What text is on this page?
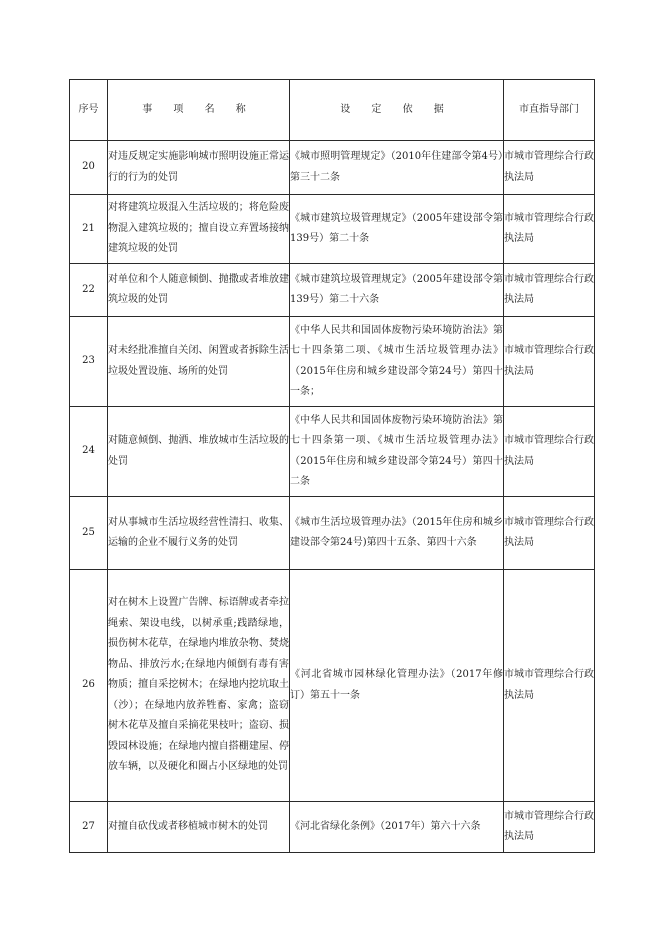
序号	事 项 名 称	设 定 依 据	市直指导部门
20	对违反规定实施影响城市照明设施正常运行的行为的处罚	《城市照明管理规定》（2010年住建部令第4号）第三十二条	市城市管理综合行政执法局
21	对将建筑垃圾混入生活垃圾的；将危险废物混入建筑垃圾的；擅自设立弃置场接纳建筑垃圾的处罚	《城市建筑垃圾管理规定》（2005年建设部令第139号）第二十条	市城市管理综合行政执法局
22	对单位和个人随意倾倒、抛撒或者堆放建筑垃圾的处罚	《城市建筑垃圾管理规定》（2005年建设部令第139号）第二十六条	市城市管理综合行政执法局
23	对未经批准擅自关闭、闲置或者拆除生活垃圾处置设施、场所的处罚	《中华人民共和国固体废物污染环境防治法》第七十四条第二项、《城市生活垃圾管理办法》（2015年住房和城乡建设部令第24号）第四十一条；	市城市管理综合行政执法局
24	对随意倾倒、抛洒、堆放城市生活垃圾的处罚	《中华人民共和国固体废物污染环境防治法》第七十四条第一项、《城市生活垃圾管理办法》（2015年住房和城乡建设部令第24号）第四十二条	市城市管理综合行政执法局
25	对从事城市生活垃圾经营性清扫、收集、运输的企业不履行义务的处罚	《城市生活垃圾管理办法》（2015年住房和城乡建设部令第24号)第四十五条、第四十六条	市城市管理综合行政执法局
26	对在树木上设置广告牌、标语牌或者牵拉绳索、架设电线，以树承重;践踏绿地，损伤树木花草，在绿地内堆放杂物、焚烧物品、排放污水;在绿地内倾倒有毒有害物质；擅自采挖树木；在绿地内挖坑取土（沙）；在绿地内放养牲畜、家禽；盗窃树木花草及擅自采摘花果枝叶；盗窃、损毁园林设施；在绿地内擅自搭棚建屋、停放车辆，以及硬化和圈占小区绿地的处罚	《河北省城市园林绿化管理办法》（2017年修订）第五十一条	市城市管理综合行政执法局
27	对擅自砍伐或者移植城市树木的处罚	《河北省绿化条例》（2017年）第六十六条	市城市管理综合行政执法局
